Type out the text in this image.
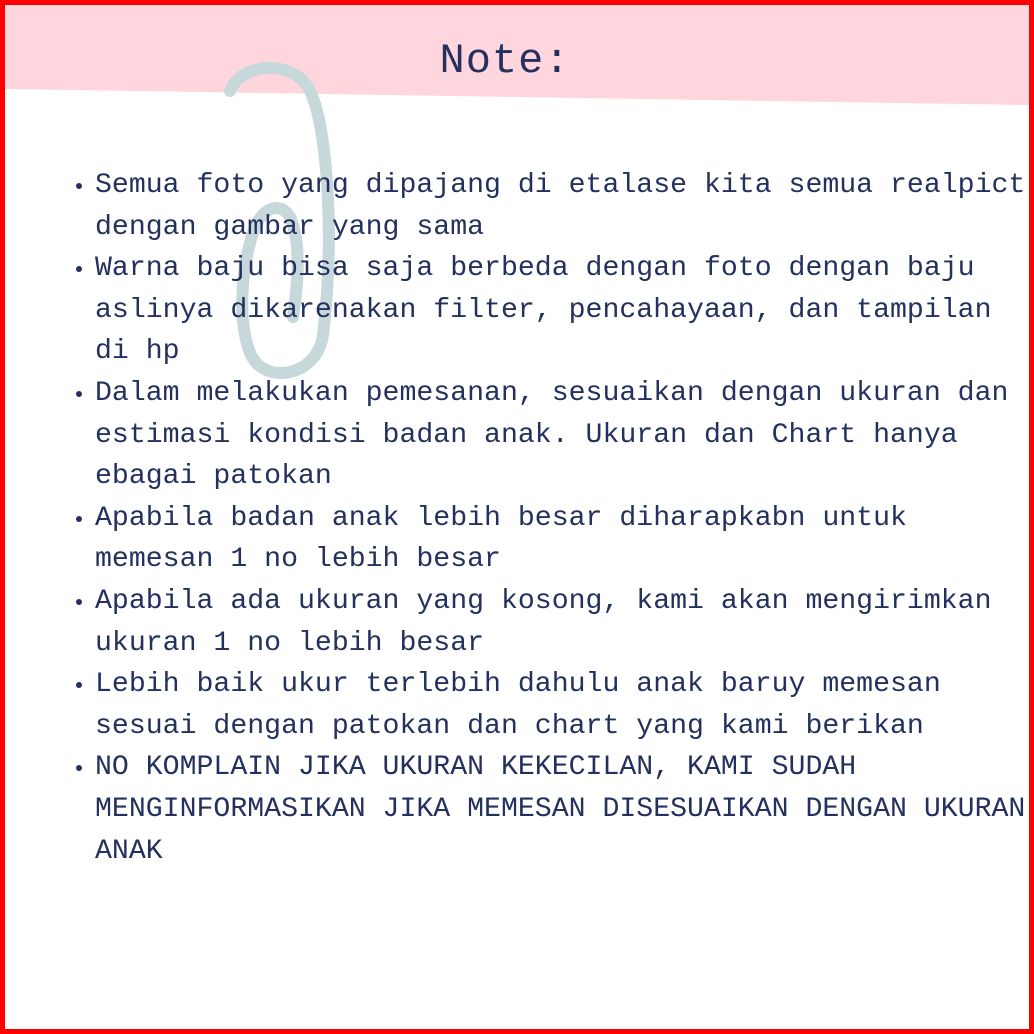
Note:
• Semua foto yang dipajang di etalase kita semua realpict dengan gambar yang sama
• Warna baju bisa saja berbeda dengan foto dengan baju aslinya dikarenakan filter, pencahayaan, dan tampilan di hp
• Dalam melakukan pemesanan, sesuaikan dengan ukuran dan estimasi kondisi badan anak. Ukuran dan Chart hanya ebagai patokan
• Apabila badan anak lebih besar diharapkabn untuk memesan 1 no lebih besar
• Apabila ada ukuran yang kosong, kami akan mengirimkan ukuran 1 no lebih besar
• Lebih baik ukur terlebih dahulu anak baruy memesan sesuai dengan patokan dan chart yang kami berikan
• NO KOMPLAIN JIKA UKURAN KEKECILAN, KAMI SUDAH MENGINFORMASIKAN JIKA MEMESAN DISESUAIKAN DENGAN UKURAN ANAK
